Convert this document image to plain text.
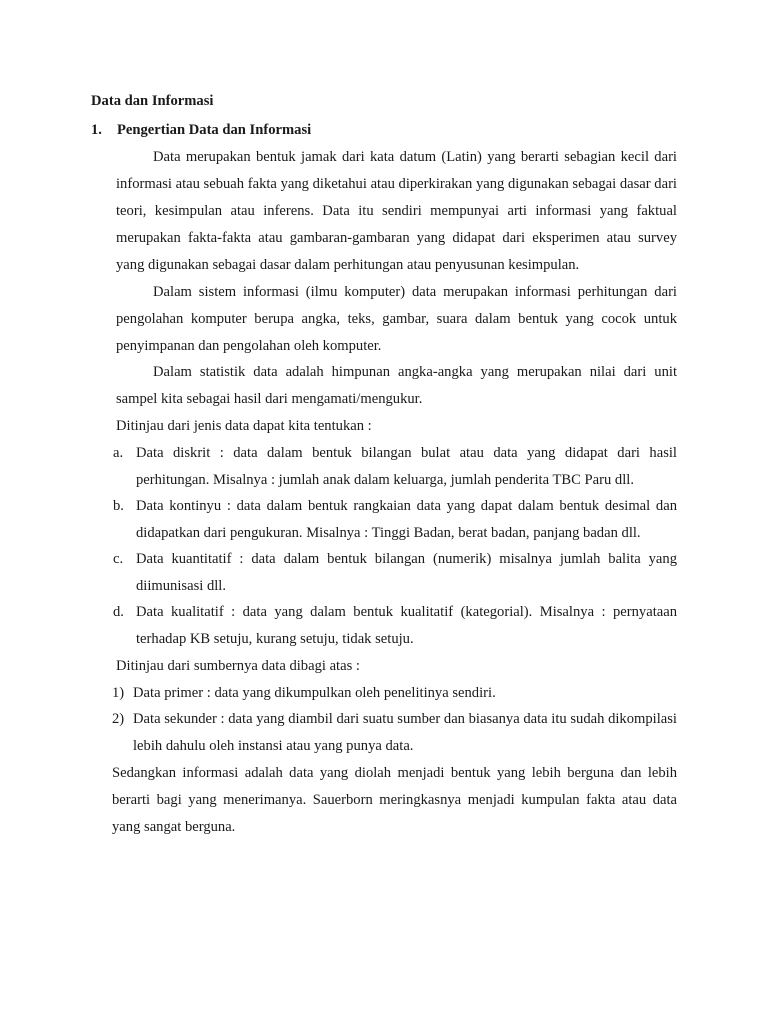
Data dan Informasi
1. Pengertian Data dan Informasi
Data merupakan bentuk jamak dari kata datum (Latin) yang berarti sebagian kecil dari informasi atau sebuah fakta yang diketahui atau diperkirakan yang digunakan sebagai dasar dari teori, kesimpulan atau inferens. Data itu sendiri mempunyai arti informasi yang faktual merupakan fakta-fakta atau gambaran-gambaran yang didapat dari eksperimen atau survey yang digunakan sebagai dasar dalam perhitungan atau penyusunan kesimpulan.
Dalam sistem informasi (ilmu komputer) data merupakan informasi perhitungan dari pengolahan komputer berupa angka, teks, gambar, suara dalam bentuk yang cocok untuk penyimpanan dan pengolahan oleh komputer.
Dalam statistik data adalah himpunan angka-angka yang merupakan nilai dari unit sampel kita sebagai hasil dari mengamati/mengukur.
Ditinjau dari jenis data dapat kita tentukan :
a. Data diskrit : data dalam bentuk bilangan bulat atau data yang didapat dari hasil perhitungan. Misalnya : jumlah anak dalam keluarga, jumlah penderita TBC Paru dll.
b. Data kontinyu : data dalam bentuk rangkaian data yang dapat dalam bentuk desimal dan didapatkan dari pengukuran. Misalnya : Tinggi Badan, berat badan, panjang badan dll.
c. Data kuantitatif : data dalam bentuk bilangan (numerik) misalnya jumlah balita yang diimunisasi dll.
d. Data kualitatif : data yang dalam bentuk kualitatif (kategorial). Misalnya : pernyataan terhadap KB setuju, kurang setuju, tidak setuju.
Ditinjau dari sumbernya data dibagi atas :
1) Data primer : data yang dikumpulkan oleh penelitinya sendiri.
2) Data sekunder : data yang diambil dari suatu sumber dan biasanya data itu sudah dikompilasi lebih dahulu oleh instansi atau yang punya data.
Sedangkan informasi adalah data yang diolah menjadi bentuk yang lebih berguna dan lebih berarti bagi yang menerimanya. Sauerborn meringkasnya menjadi kumpulan fakta atau data yang sangat berguna.
